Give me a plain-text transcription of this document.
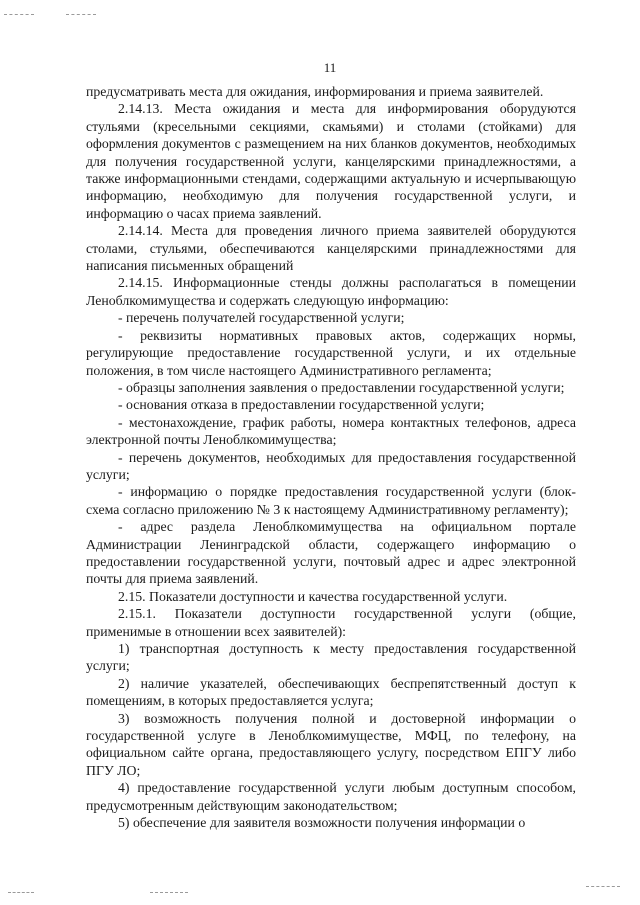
11

предусматривать места для ожидания, информирования и приема заявителей.

2.14.13. Места ожидания и места для информирования оборудуются стульями (кресельными секциями, скамьями) и столами (стойками) для оформления документов с размещением на них бланков документов, необходимых для получения государственной услуги, канцелярскими принадлежностями, а также информационными стендами, содержащими актуальную и исчерпывающую информацию, необходимую для получения государственной услуги, и информацию о часах приема заявлений.

2.14.14. Места для проведения личного приема заявителей оборудуются столами, стульями, обеспечиваются канцелярскими принадлежностями для написания письменных обращений

2.14.15. Информационные стенды должны располагаться в помещении Леноблкомимущества и содержать следующую информацию:

- перечень получателей государственной услуги;

- реквизиты нормативных правовых актов, содержащих нормы, регулирующие предоставление государственной услуги, и их отдельные положения, в том числе настоящего Административного регламента;

- образцы заполнения заявления о предоставлении государственной услуги;

- основания отказа в предоставлении государственной услуги;

- местонахождение, график работы, номера контактных телефонов, адреса электронной почты Леноблкомимущества;

- перечень документов, необходимых для предоставления государственной услуги;

- информацию о порядке предоставления государственной услуги (блок-схема согласно приложению № 3 к настоящему Административному регламенту);

- адрес раздела Леноблкомимущества на официальном портале Администрации Ленинградской области, содержащего информацию о предоставлении государственной услуги, почтовый адрес и адрес электронной почты для приема заявлений.

2.15. Показатели доступности и качества государственной услуги.

2.15.1. Показатели доступности государственной услуги (общие, применимые в отношении всех заявителей):

1) транспортная доступность к месту предоставления государственной услуги;

2) наличие указателей, обеспечивающих беспрепятственный доступ к помещениям, в которых предоставляется услуга;

3) возможность получения полной и достоверной информации о государственной услуге в Леноблкомимуществе, МФЦ, по телефону, на официальном сайте органа, предоставляющего услугу, посредством ЕПГУ либо ПГУ ЛО;

4) предоставление государственной услуги любым доступным способом, предусмотренным действующим законодательством;

5) обеспечение для заявителя возможности получения информации о
